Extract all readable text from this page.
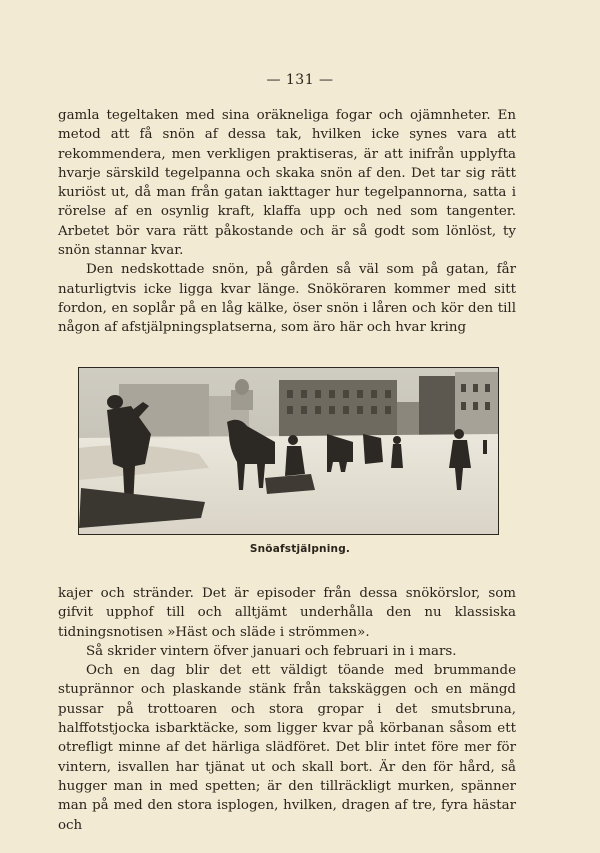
— 131 —

gamla tegeltaken med sina oräkneliga fogar och ojämnheter. En metod att få snön af dessa tak, hvilken icke synes vara att rekommendera, men verkligen praktiseras, är att inifrån upplyfta hvarje särskild tegelpanna och skaka snön af den. Det tar sig rätt kuriöst ut, då man från gatan iakttager hur tegelpannorna, satta i rörelse af en osynlig kraft, klaffa upp och ned som tangenter. Arbetet bör vara rätt påkostande och är så godt som lönlöst, ty snön stannar kvar.

Den nedskottade snön, på gården så väl som på gatan, får naturligtvis icke ligga kvar länge. Snököraren kommer med sitt fordon, en soplår på en låg kälke, öser snön i låren och kör den till någon af afstjälpningsplatserna, som äro här och hvar kring

Snöafstjälpning.

kajer och stränder. Det är episoder från dessa snökörslor, som gifvit upphof till och alltjämt underhålla den nu klassiska tidningsnotisen »Häst och släde i strömmen».

Så skrider vintern öfver januari och februari in i mars.

Och en dag blir det ett väldigt töande med brummande stuprännor och plaskande stänk från takskäggen och en mängd pussar på trottoaren och stora gropar i det smutsbruna, halffotstjocka isbarktäcke, som ligger kvar på körbanan såsom ett otrefligt minne af det härliga slädföret. Det blir intet före mer för vintern, isvallen har tjänat ut och skall bort. Är den för hård, så hugger man in med spetten; är den tillräckligt murken, spänner man på med den stora isplogen, hvilken, dragen af tre, fyra hästar och
